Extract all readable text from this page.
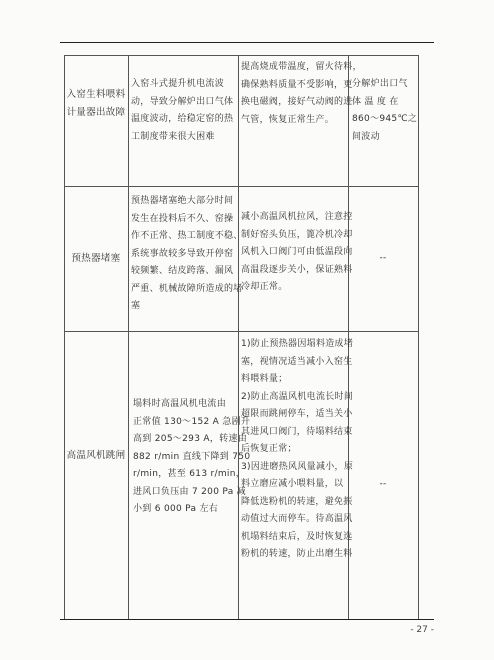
入窑生料喂料
计量器出故障
入窑斗式提升机电流波
动，导致分解炉出口气体
温度波动，给稳定窑的热
工制度带来很大困难
提高烧成带温度，留火待料，
确保熟料质量不受影响，更
换电磁阀，接好气动阀的进
气管，恢复正常生产。
分解炉出口气
体 温 度 在
860～945℃之
间波动
预热器堵塞
预热器堵塞绝大部分时间
发生在投料后不久、窑操
作不正常、热工制度不稳、
系统事故较多导致开停窑
较频繁、结皮跨落、漏风
严重、机械故障所造成的堵
塞
减小高温风机拉风，注意控
制好窑头负压，篦冷机冷却
风机入口阀门可由低温段向
高温段逐步关小，保证熟料
冷却正常。
--
高温风机跳闸
塌料时高温风机电流由
正常值 130～152 A 急剧升
高到 205～293 A，转速由
882 r/min 直线下降到 750
r/min，甚至 613 r/min，
进风口负压由 7 200 Pa 减
小到 6 000 Pa 左右
1)防止预热器因塌料造成堵
塞，视情况适当减小入窑生
料喂料量；
2)防止高温风机电流长时间
超限而跳闸停车，适当关小
其进风口阀门，待塌料结束
后恢复正常；
3)因进磨热风风量减小，原
料立磨应减小喂料量，以
降低选粉机的转速，避免振
动值过大而停车。待高温风
机塌料结束后，及时恢复选
粉机的转速，防止出磨生料
--
- 27 -
